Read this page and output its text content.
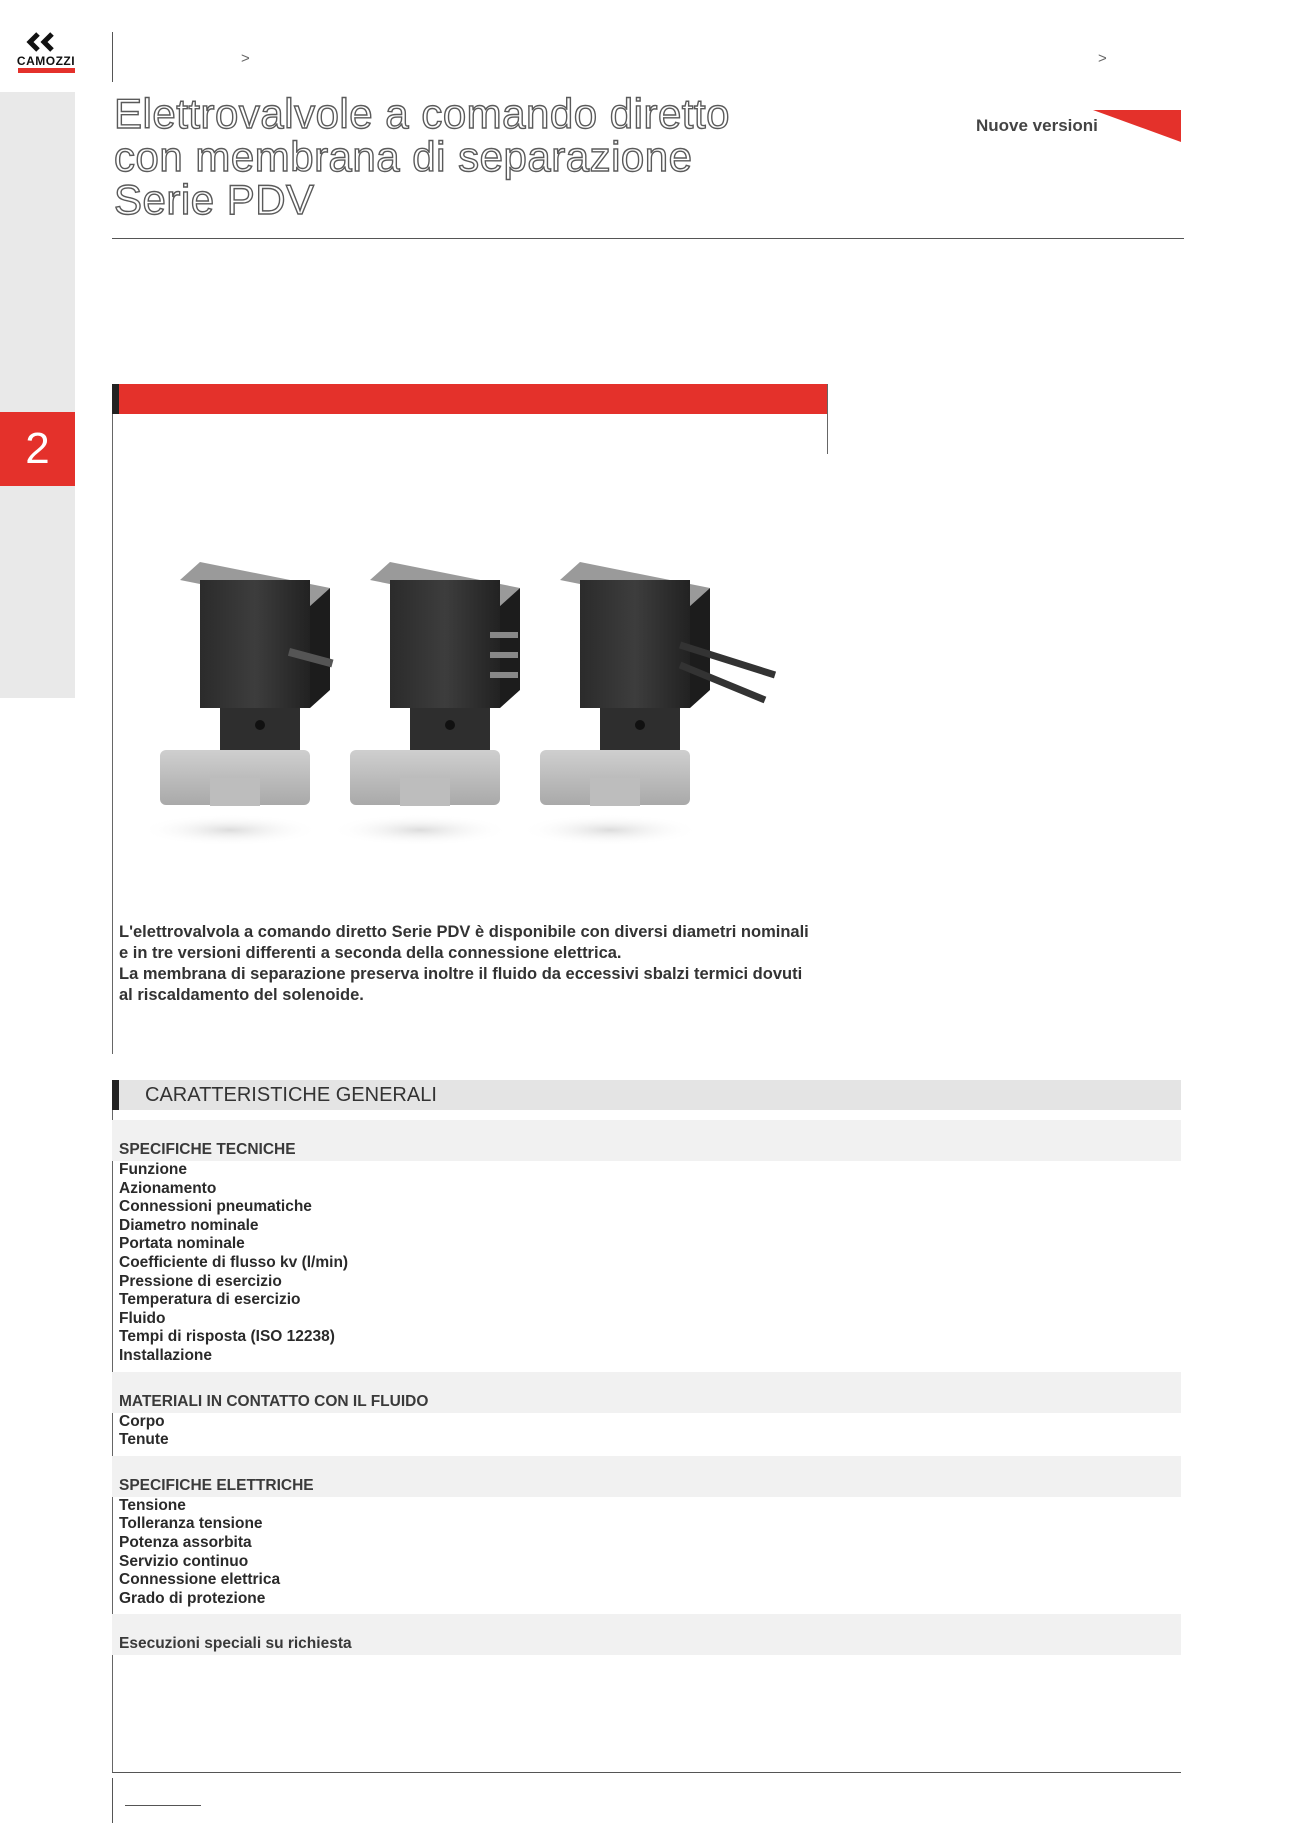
2
CAMOZZI	>	>
Elettrovalvole a comando diretto
con membrana di separazione
Serie PDV
Nuove versioni
L'elettrovalvola a comando diretto Serie PDV è disponibile con diversi diametri nominali e in tre versioni differenti a seconda della connessione elettrica.
La membrana di separazione preserva inoltre il fluido da eccessivi sbalzi termici dovuti al riscaldamento del solenoide.
CARATTERISTICHE GENERALI
SPECIFICHE TECNICHE
Funzione
Azionamento
Connessioni pneumatiche
Diametro nominale
Portata nominale
Coefficiente di flusso kv (l/min)
Pressione di esercizio
Temperatura di esercizio
Fluido
Tempi di risposta (ISO 12238)
Installazione
MATERIALI IN CONTATTO CON IL FLUIDO
Corpo
Tenute
SPECIFICHE ELETTRICHE
Tensione
Tolleranza tensione
Potenza assorbita
Servizio continuo
Connessione elettrica
Grado di protezione
Esecuzioni speciali su richiesta
